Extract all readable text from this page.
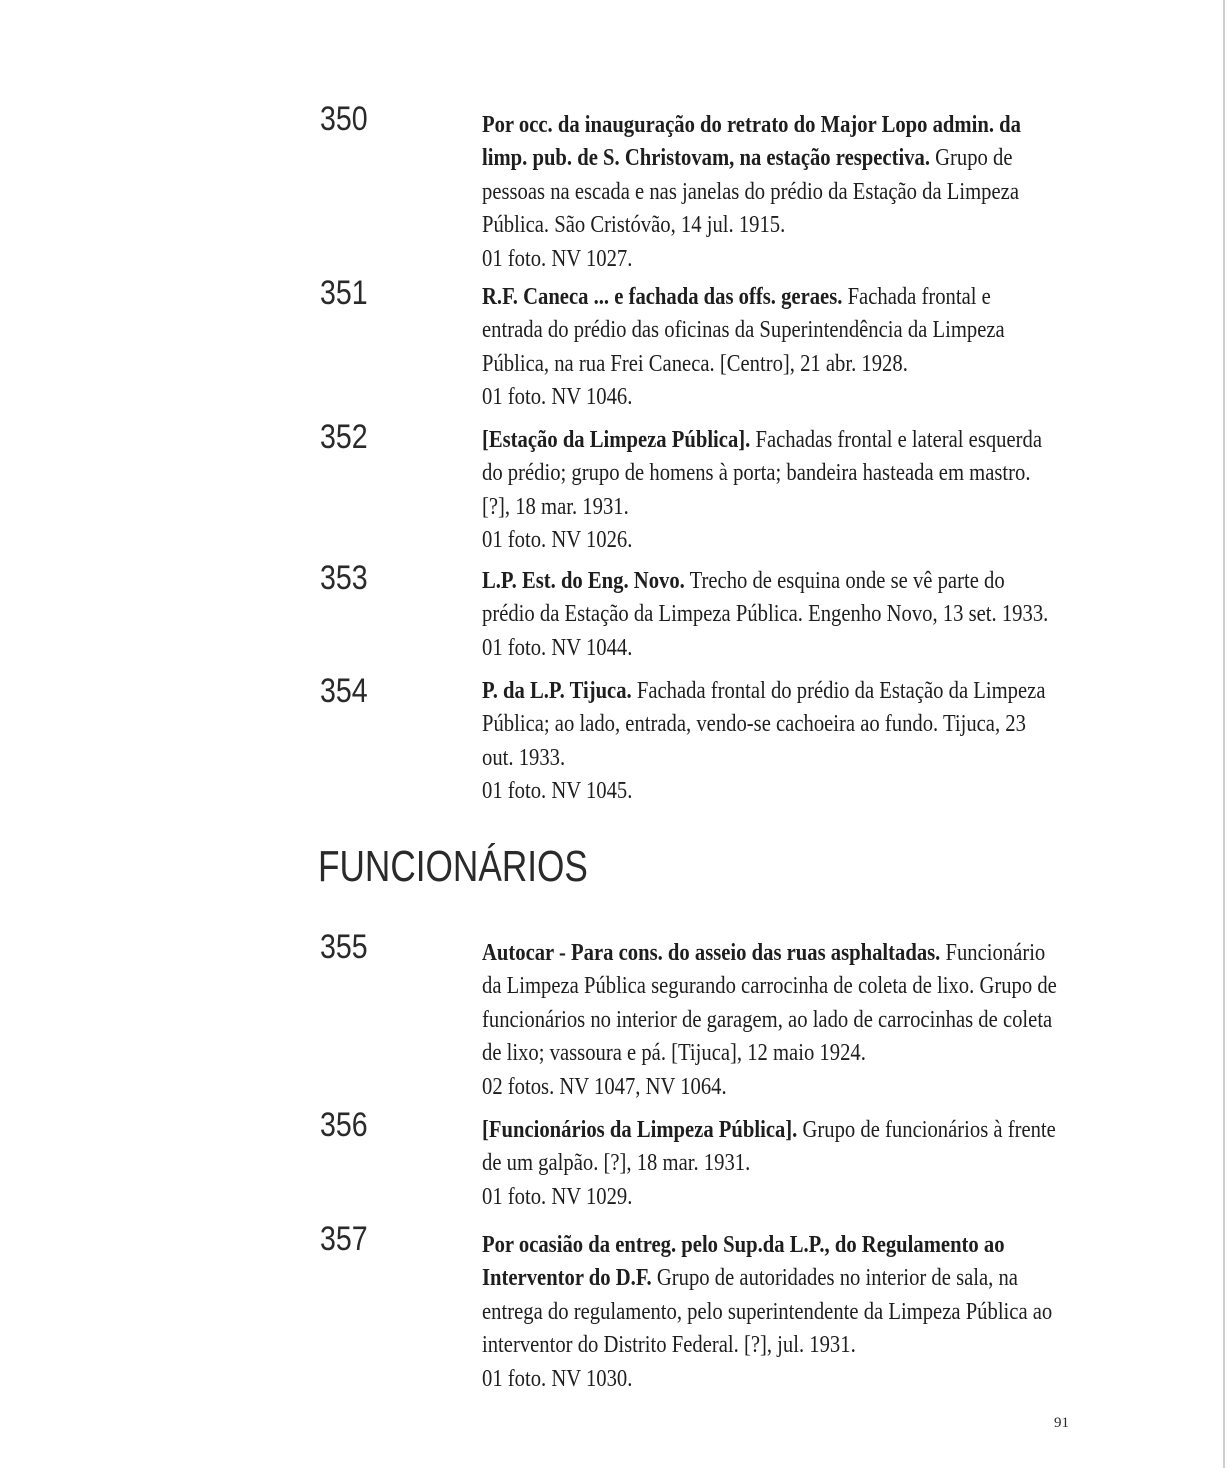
350	Por occ. da inauguração do retrato do Major Lopo admin. da
limp. pub. de S. Christovam, na estação respectiva. Grupo de
pessoas na escada e nas janelas do prédio da Estação da Limpeza
Pública. São Cristóvão, 14 jul. 1915.
01 foto. NV 1027.
351	R.F. Caneca ... e fachada das offs. geraes. Fachada frontal e
entrada do prédio das oficinas da Superintendência da Limpeza
Pública, na rua Frei Caneca. [Centro], 21 abr. 1928.
01 foto. NV 1046.
352	[Estação da Limpeza Pública]. Fachadas frontal e lateral esquerda
do prédio; grupo de homens à porta; bandeira hasteada em mastro.
[?], 18 mar. 1931.
01 foto. NV 1026.
353	L.P. Est. do Eng. Novo. Trecho de esquina onde se vê parte do
prédio da Estação da Limpeza Pública. Engenho Novo, 13 set. 1933.
01 foto. NV 1044.
354	P. da L.P. Tijuca. Fachada frontal do prédio da Estação da Limpeza
Pública; ao lado, entrada, vendo-se cachoeira ao fundo. Tijuca, 23
out. 1933.
01 foto. NV 1045.
FUNCIONÁRIOS
355	Autocar - Para cons. do asseio das ruas asphaltadas. Funcionário
da Limpeza Pública segurando carrocinha de coleta de lixo. Grupo de
funcionários no interior de garagem, ao lado de carrocinhas de coleta
de lixo; vassoura e pá. [Tijuca], 12 maio 1924.
02 fotos. NV 1047, NV 1064.
356	[Funcionários da Limpeza Pública]. Grupo de funcionários à frente
de um galpão. [?], 18 mar. 1931.
01 foto. NV 1029.
357	Por ocasião da entreg. pelo Sup.da L.P., do Regulamento ao
Interventor do D.F. Grupo de autoridades no interior de sala, na
entrega do regulamento, pelo superintendente da Limpeza Pública ao
interventor do Distrito Federal. [?], jul. 1931.
01 foto. NV 1030.
91
